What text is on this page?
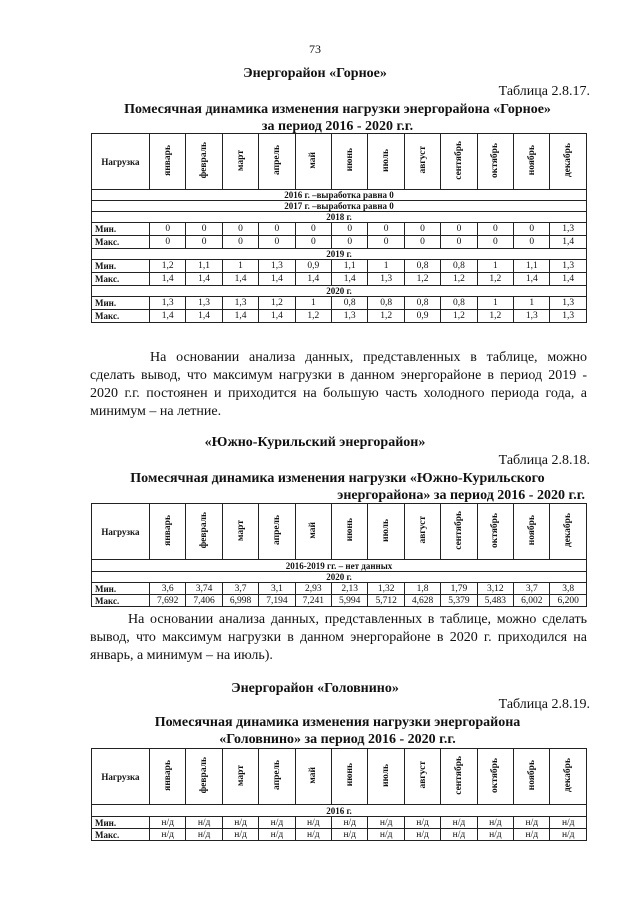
73
Энергорайон «Горное»
Таблица 2.8.17.
Помесячная динамика изменения нагрузки энергорайона «Горное»
за период 2016 - 2020 г.г.
Нагрузка	январь	февраль	март	апрель	май	июнь	июль	август	сентябрь	октябрь	ноябрь	декабрь
2016 г. –выработка равна 0												
2017 г. –выработка равна 0												
2018 г.												
Мин.	0	0	0	0	0	0	0	0	0	0	0	1,3
Макс.	0	0	0	0	0	0	0	0	0	0	0	1,4
2019 г.												
Мин.	1,2	1,1	1	1,3	0,9	1,1	1	0,8	0,8	1	1,1	1,3
Макс.	1,4	1,4	1,4	1,4	1,4	1,4	1,3	1,2	1,2	1,2	1,4	1,4
2020 г.												
Мин.	1,3	1,3	1,3	1,2	1	0,8	0,8	0,8	0,8	1	1	1,3
Макс.	1,4	1,4	1,4	1,4	1,2	1,3	1,2	0,9	1,2	1,2	1,3	1,3
На основании анализа данных, представленных в таблице, можно сделать вывод, что максимум нагрузки в данном энергорайоне в период 2019 - 2020 г.г. постоянен и приходится на большую часть холодного периода года, а минимум – на летние.
«Южно-Курильский энергорайон»
Таблица 2.8.18.
Помесячная динамика изменения нагрузки «Южно-Курильского
энергорайона» за период 2016 - 2020 г.г.
Нагрузка	январь	февраль	март	апрель	май	июнь	июль	август	сентябрь	октябрь	ноябрь	декабрь
2016-2019 гг. – нет данных												
2020 г.												
Мин.	3,6	3,74	3,7	3,1	2,93	2,13	1,32	1,8	1,79	3,12	3,7	3,8
Макс.	7,692	7,406	6,998	7,194	7,241	5,994	5,712	4,628	5,379	5,483	6,002	6,200
На основании анализа данных, представленных в таблице, можно сделать вывод, что максимум нагрузки в данном энергорайоне в 2020 г. приходился на январь, а минимум – на июль).
Энергорайон «Головнино»
Таблица 2.8.19.
Помесячная динамика изменения нагрузки энергорайона
«Головнино» за период 2016 - 2020 г.г.
Нагрузка	январь	февраль	март	апрель	май	июнь	июль	август	сентябрь	октябрь	ноябрь	декабрь
2016 г.												
Мин.	н/д	н/д	н/д	н/д	н/д	н/д	н/д	н/д	н/д	н/д	н/д	н/д
Макс.	н/д	н/д	н/д	н/д	н/д	н/д	н/д	н/д	н/д	н/д	н/д	н/д
